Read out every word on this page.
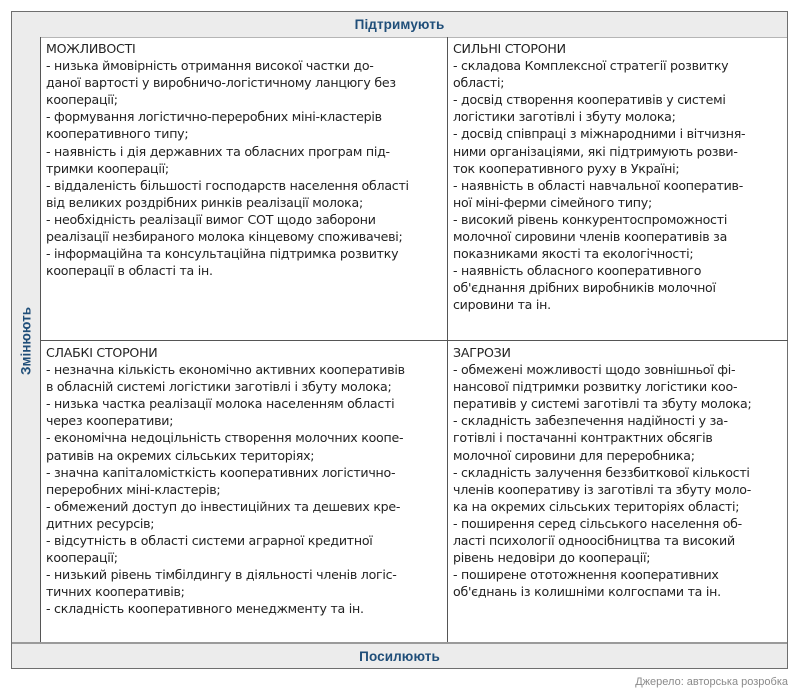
Підтримують
Змінюють
МОЖЛИВОСТІ
- низька ймовірність отримання високої частки до-
даної вартості у виробничо-логістичному ланцюгу без
кооперації;
- формування логістично-переробних міні-кластерів
кооперативного типу;
- наявність і дія державних та обласних програм під-
тримки кооперації;
- віддаленість більшості господарств населення області
від великих роздрібних ринків реалізації молока;
- необхідність реалізації вимог СОТ щодо заборони
реалізації незбираного молока кінцевому споживачеві;
- інформаційна та консультаційна підтримка розвитку
кооперації в області та ін.
СИЛЬНІ СТОРОНИ
- складова Комплексної стратегії розвитку
області;
- досвід створення кооперативів у системі
логістики заготівлі і збуту молока;
- досвід співпраці з міжнародними і вітчизня-
ними організаціями, які підтримують розви-
ток кооперативного руху в Україні;
- наявність в області навчальної кооператив-
ної міні-ферми сімейного типу;
- високий рівень конкурентоспроможності
молочної сировини членів кооперативів за
показниками якості та екологічності;
- наявність обласного кооперативного
об'єднання дрібних виробників молочної
сировини та ін.
СЛАБКІ СТОРОНИ
- незначна кількість економічно активних кооперативів
в обласній системі логістики заготівлі і збуту молока;
- низька частка реалізації молока населенням області
через кооперативи;
- економічна недоцільність створення молочних коопе-
ративів на окремих сільських територіях;
- значна капіталомісткість кооперативних логістично-
переробних міні-кластерів;
- обмежений доступ до інвестиційних та дешевих кре-
дитних ресурсів;
- відсутність в області системи аграрної кредитної
кооперації;
- низький рівень тімбілдингу в діяльності членів логіс-
тичних кооперативів;
- складність кооперативного менеджменту та ін.
ЗАГРОЗИ
- обмежені можливості щодо зовнішньої фі-
нансової підтримки розвитку логістики коо-
перативів у системі заготівлі та збуту молока;
- складність забезпечення надійності у за-
готівлі і постачанні контрактних обсягів
молочної сировини для переробника;
- складність залучення беззбиткової кількості
членів кооперативу із заготівлі та збуту моло-
ка на окремих сільських територіях області;
- поширення серед сільського населення об-
ласті психології одноосібництва та високий
рівень недовіри до кооперації;
- поширене ототожнення кооперативних
об'єднань із колишніми колгоспами та ін.
Посилюють
Джерело: авторська розробка
